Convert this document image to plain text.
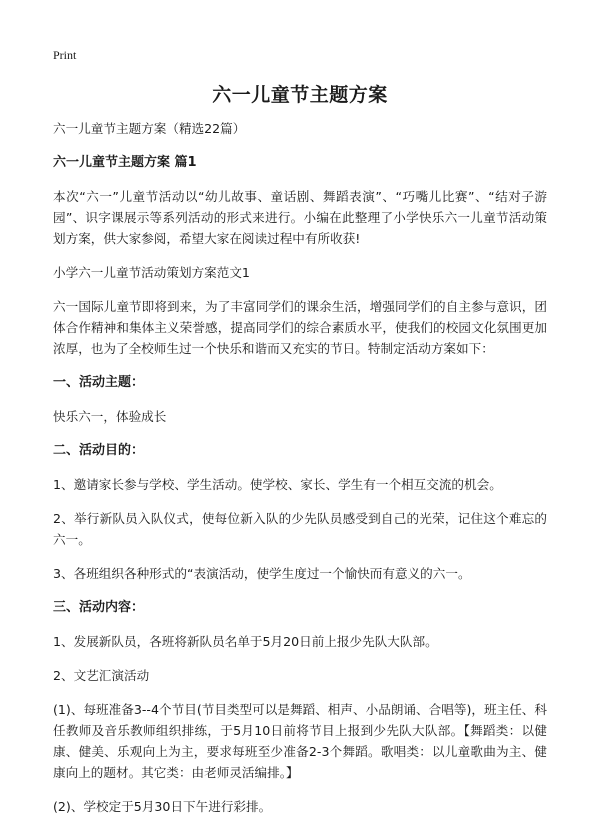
Print
六一儿童节主题方案
六一儿童节主题方案（精选22篇）
六一儿童节主题方案 篇1
本次“六一”儿童节活动以“幼儿故事、童话剧、舞蹈表演”、“巧嘴儿比赛”、“结对子游园”、识字课展示等系列活动的形式来进行。小编在此整理了小学快乐六一儿童节活动策划方案，供大家参阅，希望大家在阅读过程中有所收获!
小学六一儿童节活动策划方案范文1
六一国际儿童节即将到来，为了丰富同学们的课余生活，增强同学们的自主参与意识，团体合作精神和集体主义荣誉感，提高同学们的综合素质水平，使我们的校园文化氛围更加浓厚，也为了全校师生过一个快乐和谐而又充实的节日。特制定活动方案如下：
一、活动主题：
快乐六一，体验成长
二、活动目的：
1、邀请家长参与学校、学生活动。使学校、家长、学生有一个相互交流的机会。
2、举行新队员入队仪式，使每位新入队的少先队员感受到自己的光荣，记住这个难忘的六一。
3、各班组织各种形式的“表演活动，使学生度过一个愉快而有意义的六一。
三、活动内容：
1、发展新队员，各班将新队员名单于5月20日前上报少先队大队部。
2、文艺汇演活动
(1)、每班准备3--4个节目(节目类型可以是舞蹈、相声、小品朗诵、合唱等)，班主任、科任教师及音乐教师组织排练，于5月10日前将节目上报到少先队大队部。【舞蹈类：以健康、健美、乐观向上为主，要求每班至少准备2-3个舞蹈。歌唱类：以儿童歌曲为主、健康向上的题材。其它类：由老师灵活编排。】
(2)、学校定于5月30日下午进行彩排。
